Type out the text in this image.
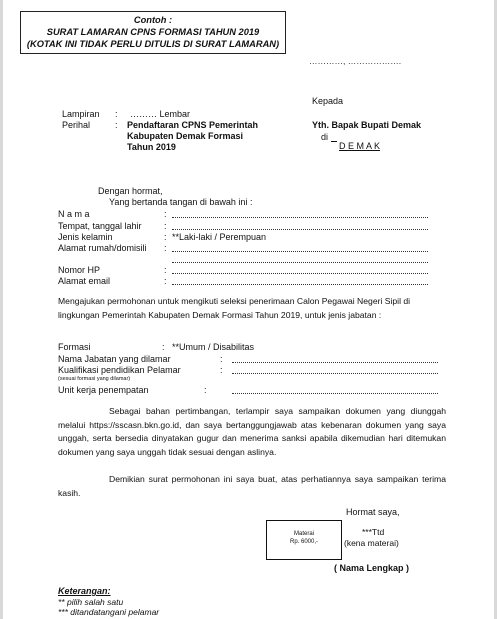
Contoh :
SURAT LAMARAN CPNS FORMASI TAHUN 2019
(KOTAK INI TIDAK PERLU DITULIS DI SURAT LAMARAN)
…………, ……………….
Kepada
Lampiran : ……… Lembar
Perihal	: Pendaftaran CPNS Pemerintah
Kabupaten Demak Formasi
Tahun 2019
Yth. Bapak Bupati Demak
di
D E M A K
Dengan hormat,
Yang bertanda tangan di bawah ini :
N a m a	:
Tempat, tanggal lahir :
Jenis kelamin	: **Laki-laki / Perempuan
Alamat rumah/domisili :
Nomor HP	:
Alamat email	:
Mengajukan permohonan untuk mengikuti seleksi penerimaan Calon Pegawai Negeri Sipil di lingkungan Pemerintah Kabupaten Demak Formasi Tahun 2019, untuk jenis jabatan :
Formasi	: **Umum / Disabilitas
Nama Jabatan yang dilamar	:
Kualifikasi pendidikan Pelamar	:
(sesuai formasi yang dilamar)
Unit kerja penempatan	:
Sebagai bahan pertimbangan, terlampir saya sampaikan dokumen yang diunggah melalui https://sscasn.bkn.go.id, dan saya bertanggungjawab atas kebenaran dokumen yang saya unggah, serta bersedia dinyatakan gugur dan menerima sanksi apabila dikemudian hari ditemukan dokumen yang saya unggah tidak sesuai dengan aslinya.
Demikian surat permohonan ini saya buat, atas perhatiannya saya sampaikan terima kasih.
Hormat saya,
Materai
Rp. 6000,-
***Ttd
(kena materai)
( Nama Lengkap )
Keterangan:
** pilih salah satu
*** ditandatangani pelamar
